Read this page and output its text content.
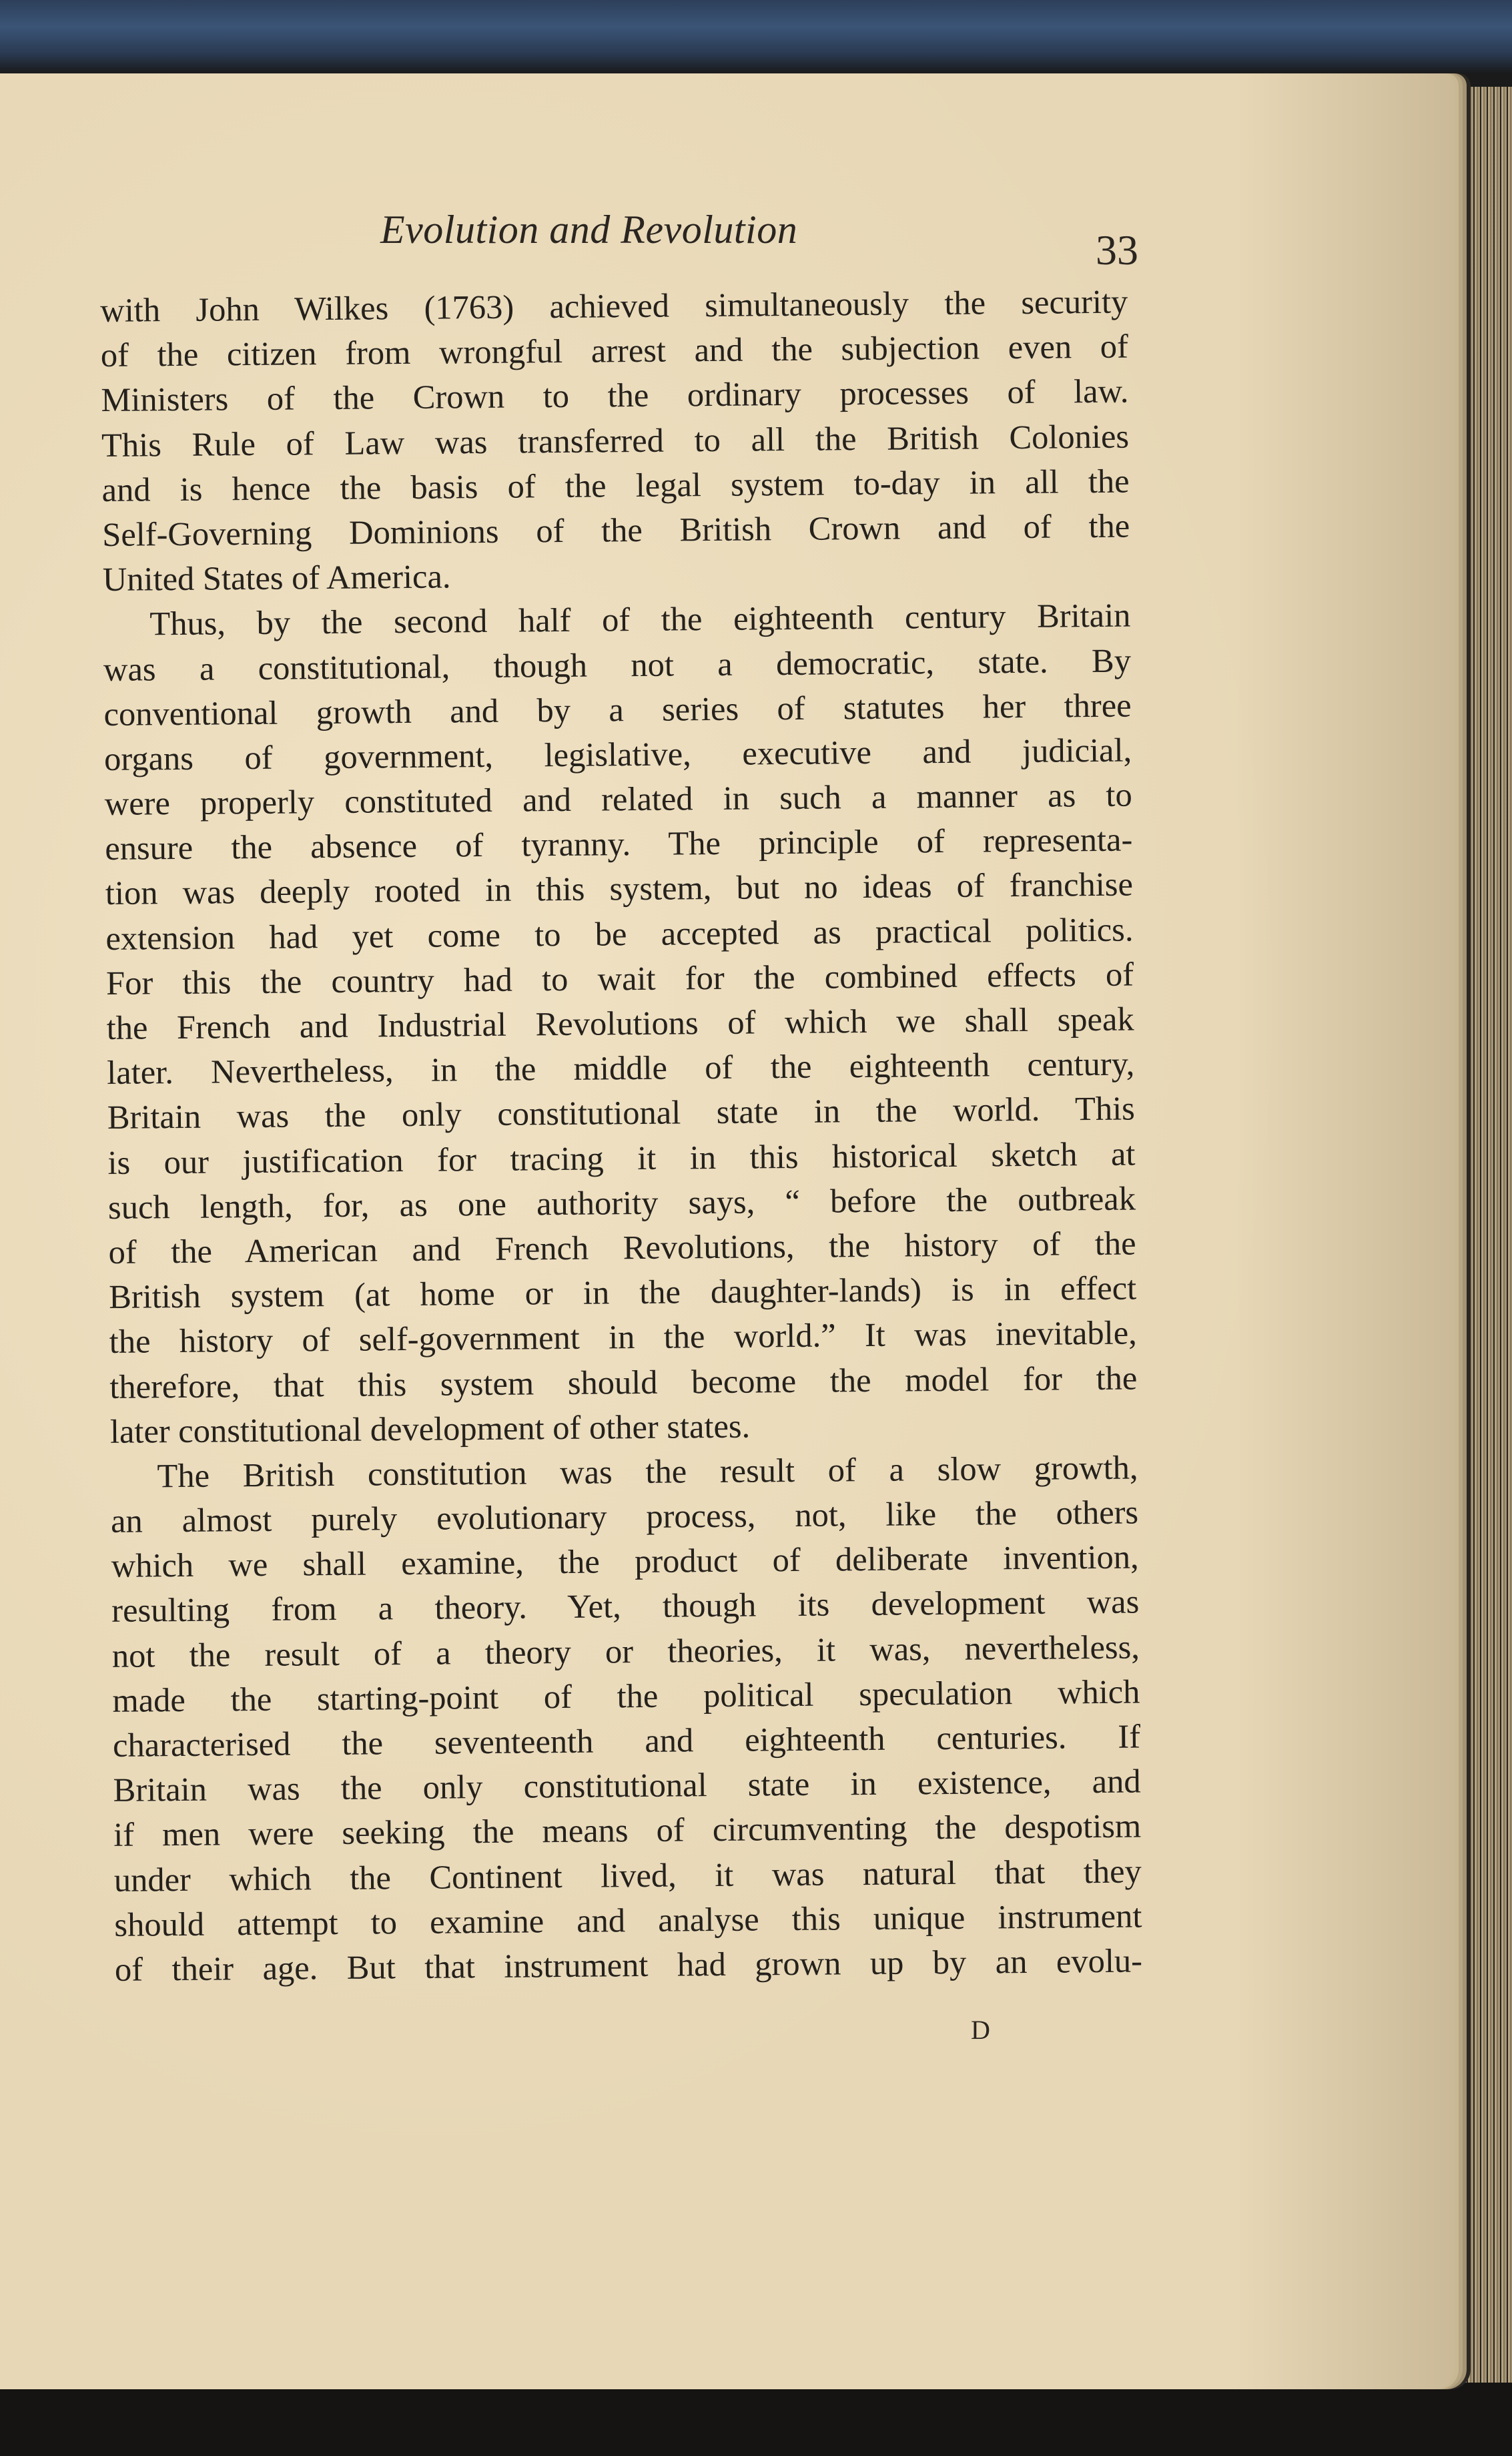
Evolution and Revolution	33
with John Wilkes (1763) achieved simultaneously the security
of the citizen from wrongful arrest and the subjection even of
Ministers of the Crown to the ordinary processes of law.
This Rule of Law was transferred to all the British Colonies
and is hence the basis of the legal system to-day in all the
Self-Governing Dominions of the British Crown and of the
United States of America.
Thus, by the second half of the eighteenth century Britain
was a constitutional, though not a democratic, state. By
conventional growth and by a series of statutes her three
organs of government, legislative, executive and judicial,
were properly constituted and related in such a manner as to
ensure the absence of tyranny. The principle of representa-
tion was deeply rooted in this system, but no ideas of franchise
extension had yet come to be accepted as practical politics.
For this the country had to wait for the combined effects of
the French and Industrial Revolutions of which we shall speak
later. Nevertheless, in the middle of the eighteenth century,
Britain was the only constitutional state in the world. This
is our justification for tracing it in this historical sketch at
such length, for, as one authority says, “ before the outbreak
of the American and French Revolutions, the history of the
British system (at home or in the daughter-lands) is in effect
the history of self-government in the world.” It was inevitable,
therefore, that this system should become the model for the
later constitutional development of other states.
The British constitution was the result of a slow growth,
an almost purely evolutionary process, not, like the others
which we shall examine, the product of deliberate invention,
resulting from a theory. Yet, though its development was
not the result of a theory or theories, it was, nevertheless,
made the starting-point of the political speculation which
characterised the seventeenth and eighteenth centuries. If
Britain was the only constitutional state in existence, and
if men were seeking the means of circumventing the despotism
under which the Continent lived, it was natural that they
should attempt to examine and analyse this unique instrument
of their age. But that instrument had grown up by an evolu-
D
